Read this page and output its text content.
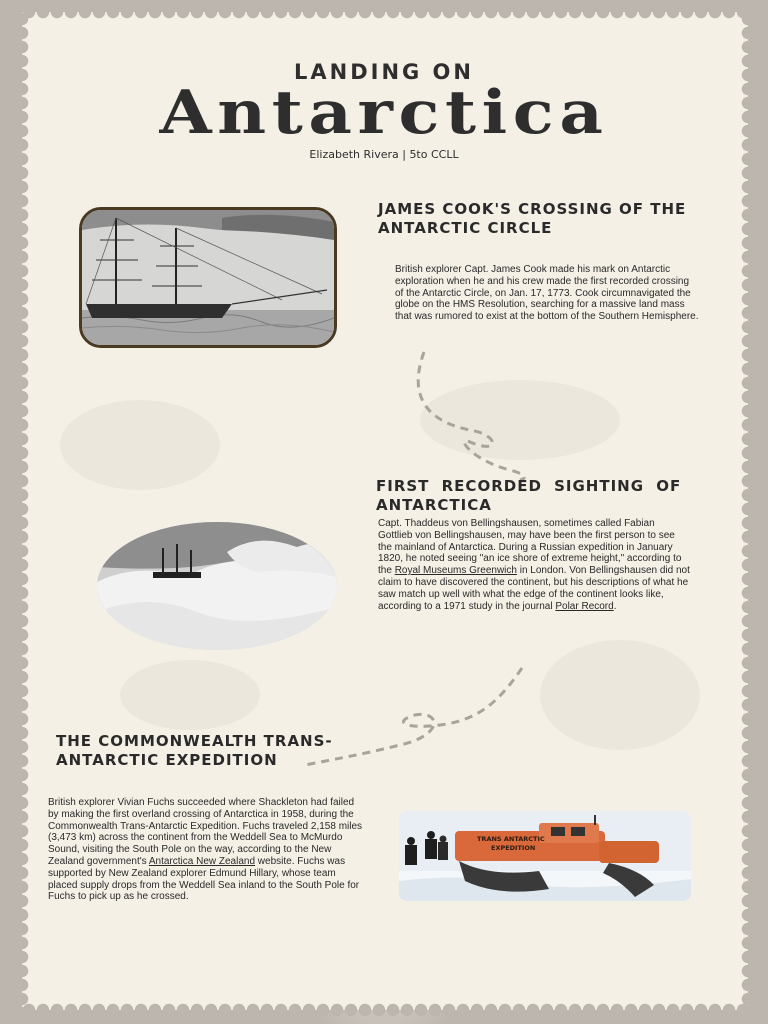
LANDING ON
Antarctica

Elizabeth Rivera | 5to CCLL

JAMES COOK'S CROSSING OF THE ANTARCTIC CIRCLE

British explorer Capt. James Cook made his mark on Antarctic exploration when he and his crew made the first recorded crossing of the Antarctic Circle, on Jan. 17, 1773. Cook circumnavigated the globe on the HMS Resolution, searching for a massive land mass that was rumored to exist at the bottom of the Southern Hemisphere.

FIRST RECORDED SIGHTING OF ANTARCTICA

Capt. Thaddeus von Bellingshausen, sometimes called Fabian Gottlieb von Bellingshausen, may have been the first person to see the mainland of Antarctica. During a Russian expedition in January 1820, he noted seeing "an ice shore of extreme height," according to the Royal Museums Greenwich in London. Von Bellingshausen did not claim to have discovered the continent, but his descriptions of what he saw match up well with what the edge of the continent looks like, according to a 1971 study in the journal Polar Record.

THE COMMONWEALTH TRANS-ANTARCTIC EXPEDITION

British explorer Vivian Fuchs succeeded where Shackleton had failed by making the first overland crossing of Antarctica in 1958, during the Commonwealth Trans-Antarctic Expedition. Fuchs traveled 2,158 miles (3,473 km) across the continent from the Weddell Sea to McMurdo Sound, visiting the South Pole on the way, according to the New Zealand government's Antarctica New Zealand website. Fuchs was supported by New Zealand explorer Edmund Hillary, whose team placed supply drops from the Weddell Sea inland to the South Pole for Fuchs to pick up as he crossed.

TRANS ANTARCTIC
EXPEDITION
